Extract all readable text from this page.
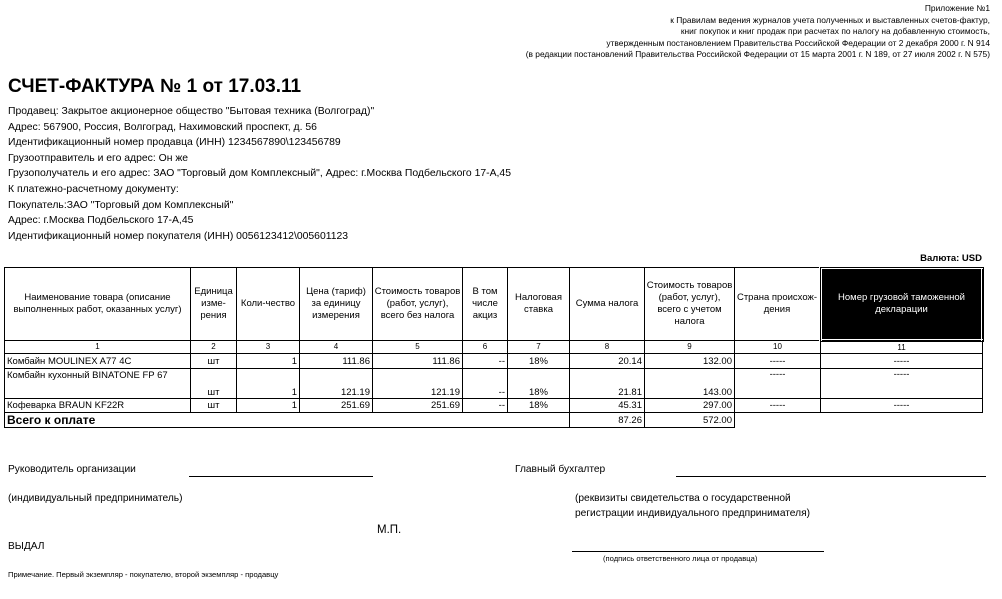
Приложение №1
к Правилам ведения журналов учета полученных и выставленных счетов-фактур,
книг покупок и книг продаж при расчетах по налогу на добавленную стоимость,
утвержденным постановлением Правительства Российской Федерации от 2 декабря 2000 г. N 914
(в редакции постановлений Правительства Российской Федерации от 15 марта 2001 г. N 189, от 27 июля 2002 г. N 575)
СЧЕТ-ФАКТУРА № 1 от 17.03.11
Продавец: Закрытое акционерное общество "Бытовая техника (Волгоград)"
Адрес: 567900, Россия, Волгоград, Нахимовский проспект, д. 56
Идентификационный номер продавца (ИНН) 1234567890\123456789
Грузоотправитель и его адрес: Он же
Грузополучатель и его адрес: ЗАО "Торговый дом Комплексный", Адрес: г.Москва Подбельского 17-А,45
К платежно-расчетному документу:
Покупатель:ЗАО "Торговый дом Комплексный"
Адрес: г.Москва Подбельского 17-А,45
Идентификационный номер покупателя (ИНН) 0056123412\005601123
Валюта: USD
Наименование товара (описание выполненных работ, оказанных услуг)	Единица изме-рения	Коли-чество	Цена (тариф) за единицу измерения	Стоимость товаров (работ, услуг), всего без налога	В том числе акциз	Налоговая ставка	Сумма налога	Стоимость товаров (работ, услуг), всего с учетом налога	Страна происхож-дения	Номер грузовой таможенной декларации
1	2	3	4	5	6	7	8	9	10	11
Комбайн MOULINEX A77 4C	шт	1	111.86	111.86	--	18%	20.14	132.00	-----	-----
Комбайн кухонный BINATONE FP 67	шт	1	121.19	121.19	--	18%	21.81	143.00	-----	-----
Кофеварка BRAUN KF22R	шт	1	251.69	251.69	--	18%	45.31	297.00	-----	-----
Всего к оплате							87.26	572.00		
Руководитель организации	Главный бухгалтер
(индивидуальный предприниматель)	(реквизиты свидетельства о государственной
регистрации индивидуального предпринимателя)
М.П.
ВЫДАЛ
(подпись ответственного лица от продавца)
Примечание. Первый экземпляр - покупателю, второй экземпляр - продавцу
